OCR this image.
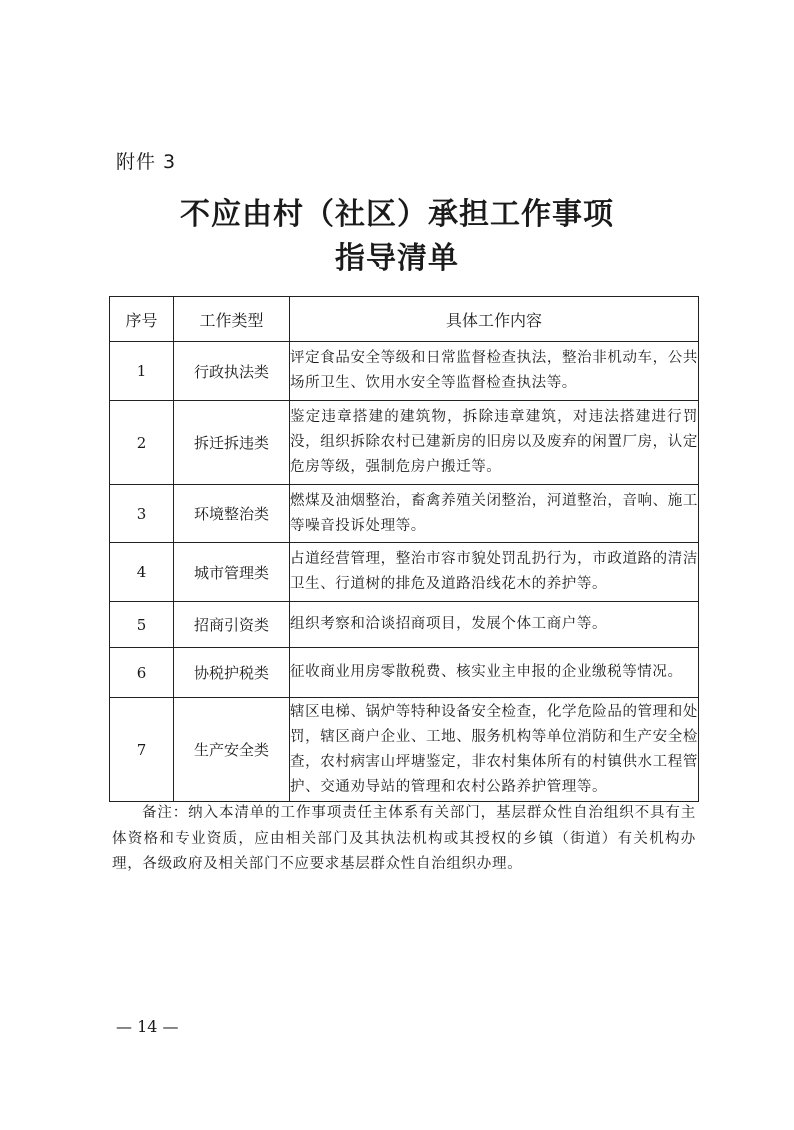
附件 3
不应由村（社区）承担工作事项
指导清单
序号	工作类型	具体工作内容
1	行政执法类	评定食品安全等级和日常监督检查执法，整治非机动车，公共场所卫生、饮用水安全等监督检查执法等。
2	拆迁拆违类	鉴定违章搭建的建筑物，拆除违章建筑，对违法搭建进行罚没，组织拆除农村已建新房的旧房以及废弃的闲置厂房，认定危房等级，强制危房户搬迁等。
3	环境整治类	燃煤及油烟整治，畜禽养殖关闭整治，河道整治，音响、施工等噪音投诉处理等。
4	城市管理类	占道经营管理，整治市容市貌处罚乱扔行为，市政道路的清洁卫生、行道树的排危及道路沿线花木的养护等。
5	招商引资类	组织考察和洽谈招商项目，发展个体工商户等。
6	协税护税类	征收商业用房零散税费、核实业主申报的企业缴税等情况。
7	生产安全类	辖区电梯、锅炉等特种设备安全检查，化学危险品的管理和处罚，辖区商户企业、工地、服务机构等单位消防和生产安全检查，农村病害山坪塘鉴定，非农村集体所有的村镇供水工程管护、交通劝导站的管理和农村公路养护管理等。
备注：纳入本清单的工作事项责任主体系有关部门，基层群众性自治组织不具有主体资格和专业资质，应由相关部门及其执法机构或其授权的乡镇（街道）有关机构办理，各级政府及相关部门不应要求基层群众性自治组织办理。
— 14 —
